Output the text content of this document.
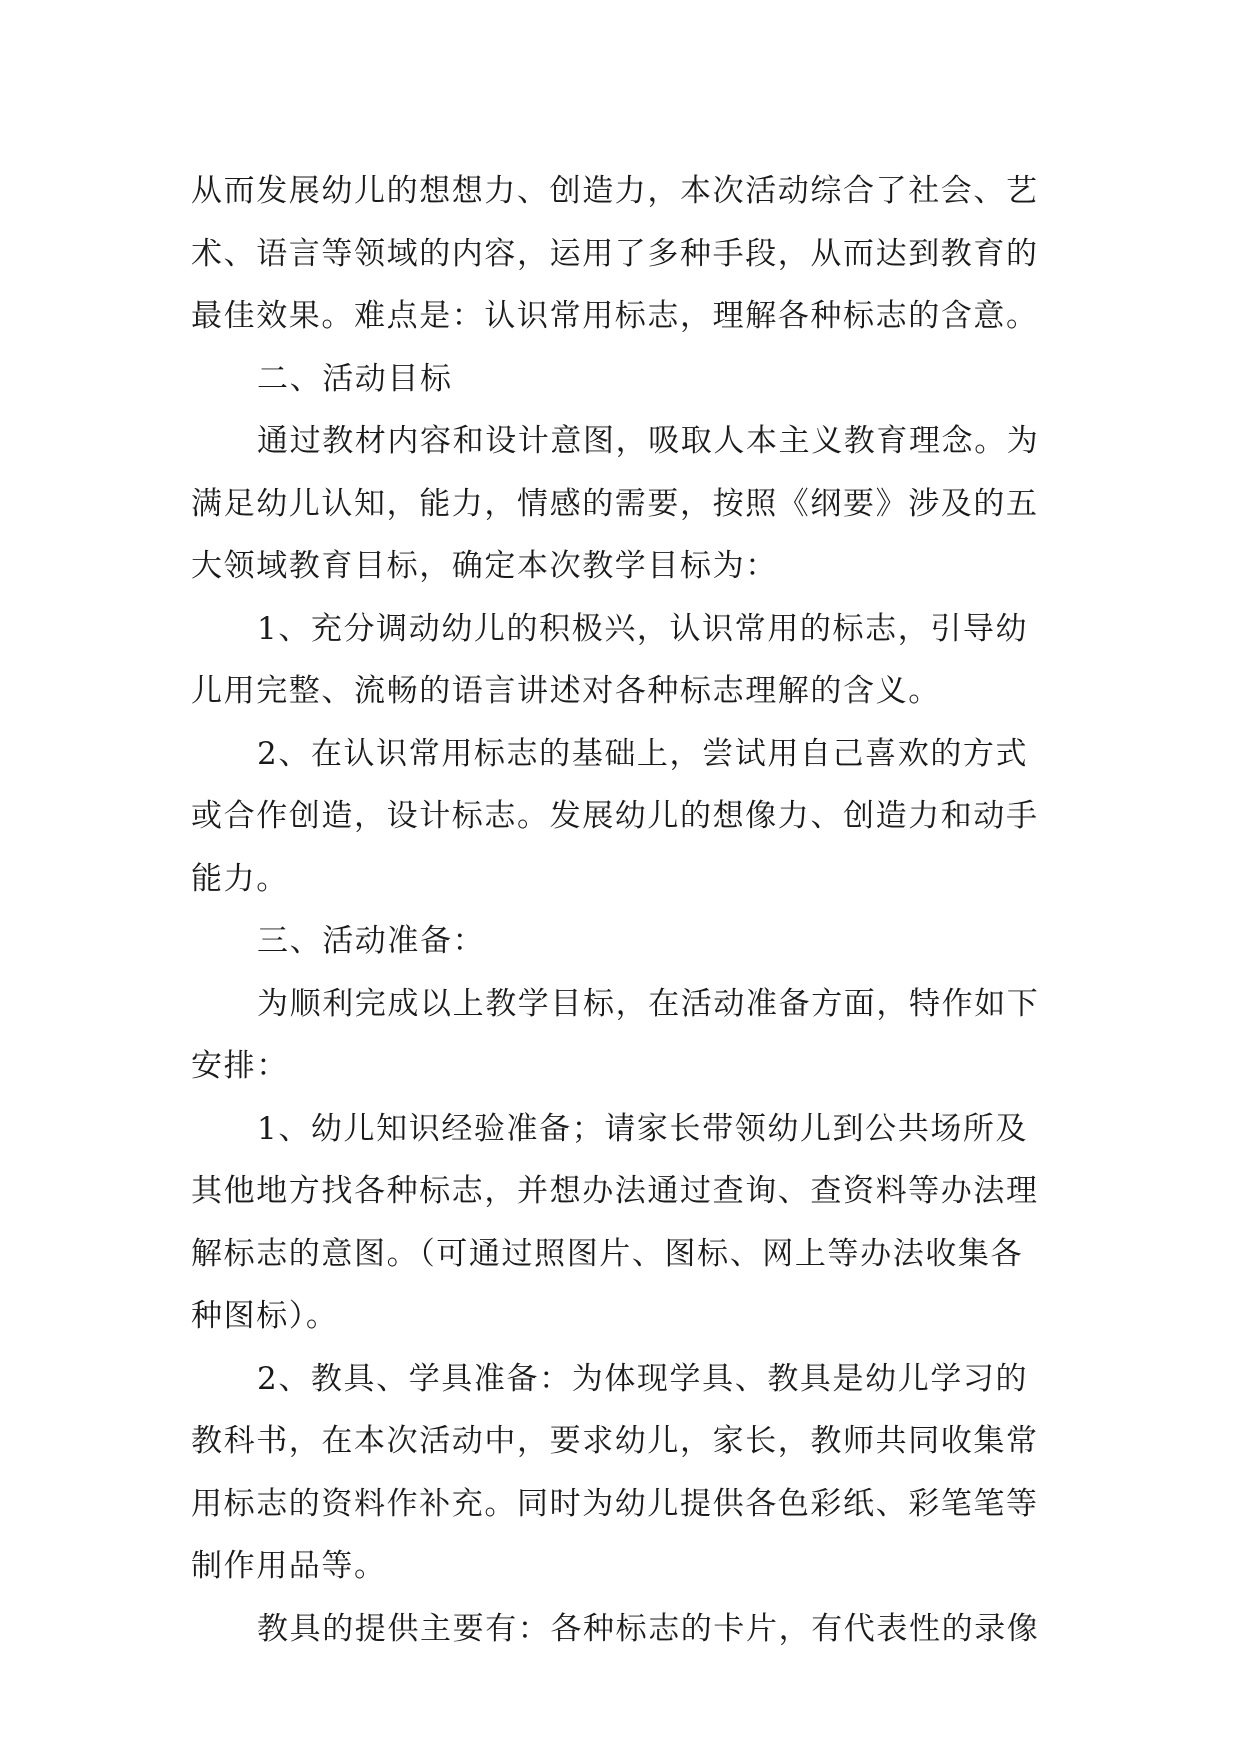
从而发展幼儿的想想力、创造力，本次活动综合了社会、艺
术、语言等领域的内容，运用了多种手段，从而达到教育的
最佳效果。难点是：认识常用标志，理解各种标志的含意。
二、活动目标
通过教材内容和设计意图，吸取人本主义教育理念。为
满足幼儿认知，能力，情感的需要，按照《纲要》涉及的五
大领域教育目标，确定本次教学目标为：
1、充分调动幼儿的积极兴，认识常用的标志，引导幼
儿用完整、流畅的语言讲述对各种标志理解的含义。
2、在认识常用标志的基础上，尝试用自己喜欢的方式
或合作创造，设计标志。发展幼儿的想像力、创造力和动手
能力。
三、活动准备：
为顺利完成以上教学目标，在活动准备方面，特作如下
安排：
1、幼儿知识经验准备；请家长带领幼儿到公共场所及
其他地方找各种标志，并想办法通过查询、查资料等办法理
解标志的意图。（可通过照图片、图标、网上等办法收集各
种图标）。
2、教具、学具准备：为体现学具、教具是幼儿学习的
教科书，在本次活动中，要求幼儿，家长，教师共同收集常
用标志的资料作补充。同时为幼儿提供各色彩纸、彩笔笔等
制作用品等。
教具的提供主要有：各种标志的卡片，有代表性的录像
